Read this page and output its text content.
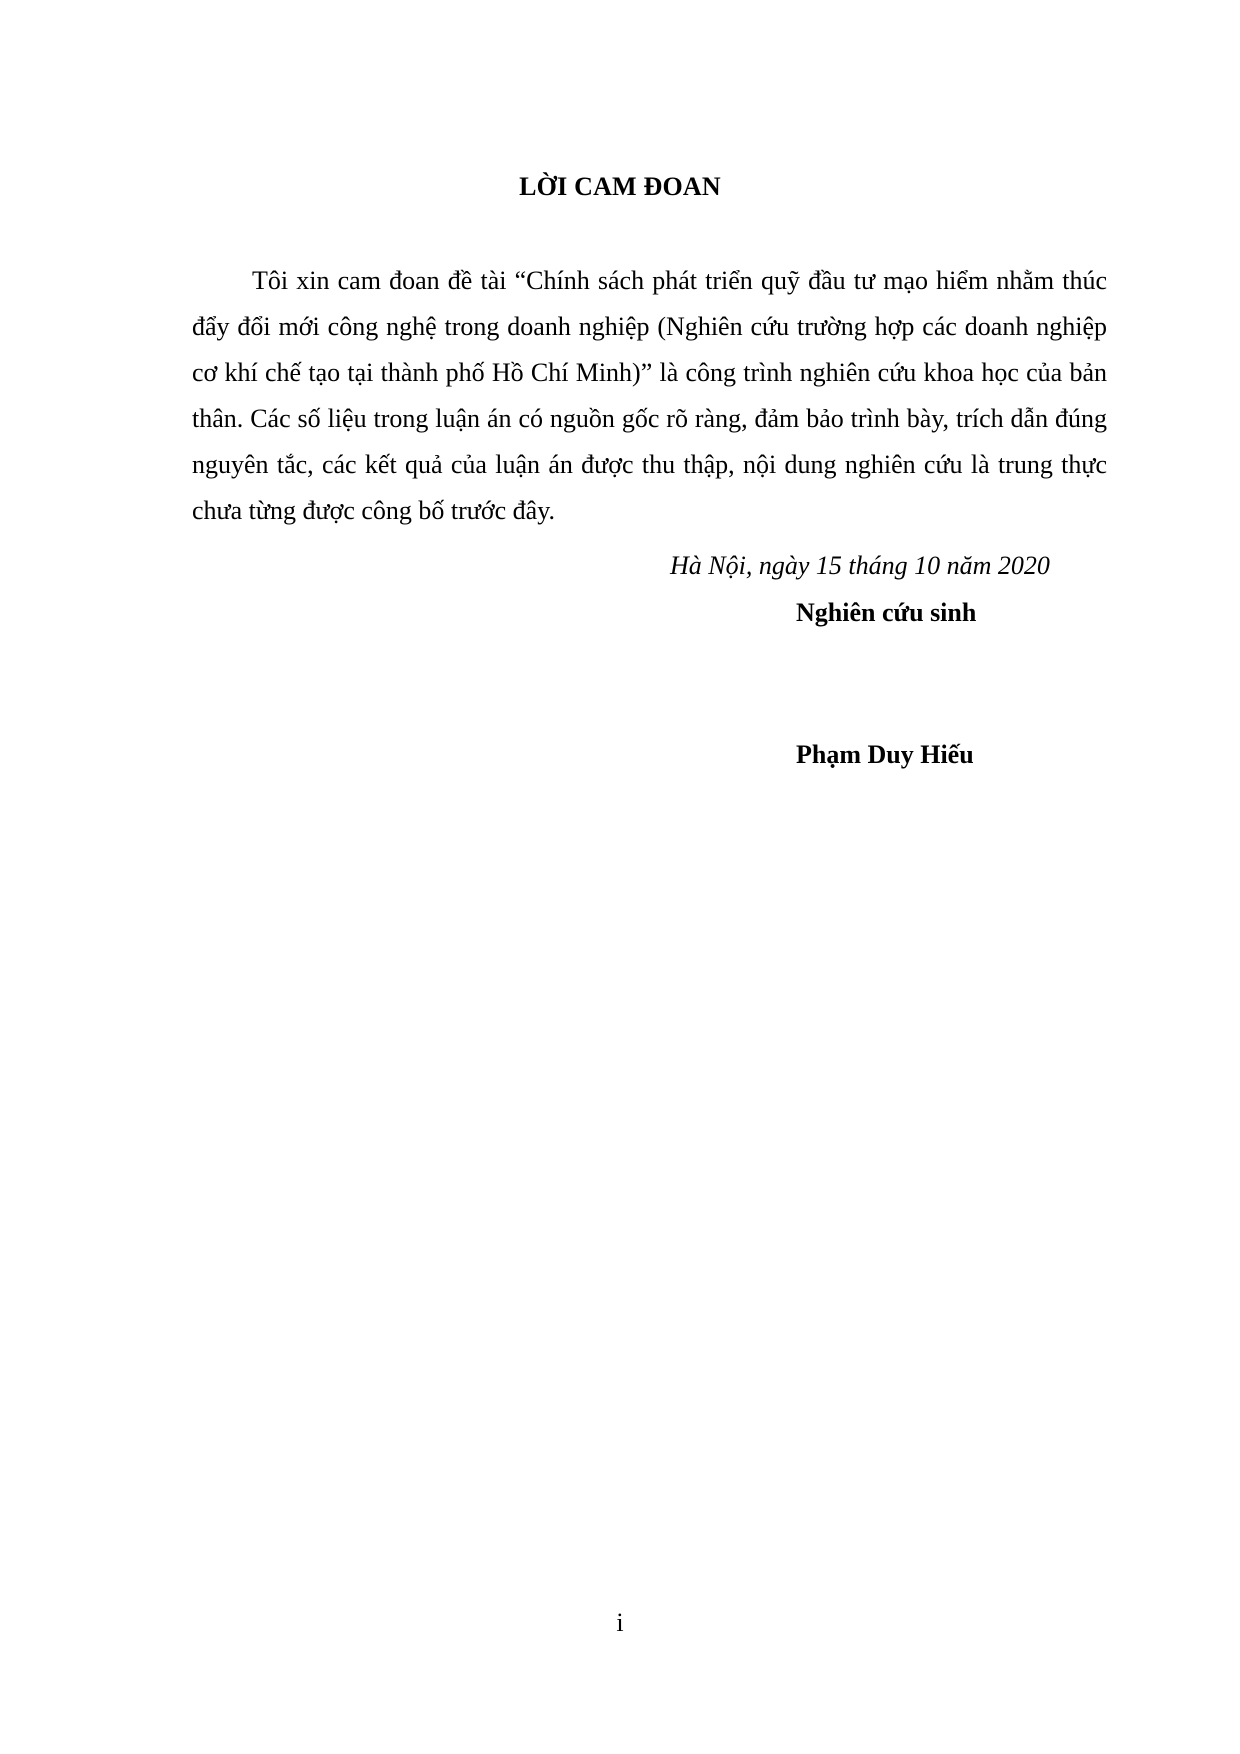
LỜI CAM ĐOAN

Tôi xin cam đoan đề tài “Chính sách phát triển quỹ đầu tư mạo hiểm nhằm thúc đẩy đổi mới công nghệ trong doanh nghiệp (Nghiên cứu trường hợp các doanh nghiệp cơ khí chế tạo tại thành phố Hồ Chí Minh)” là công trình nghiên cứu khoa học của bản thân. Các số liệu trong luận án có nguồn gốc rõ ràng, đảm bảo trình bày, trích dẫn đúng nguyên tắc, các kết quả của luận án được thu thập, nội dung nghiên cứu là trung thực chưa từng được công bố trước đây.

Hà Nội, ngày 15 tháng 10 năm 2020
Nghiên cứu sinh
Phạm Duy Hiếu
i
